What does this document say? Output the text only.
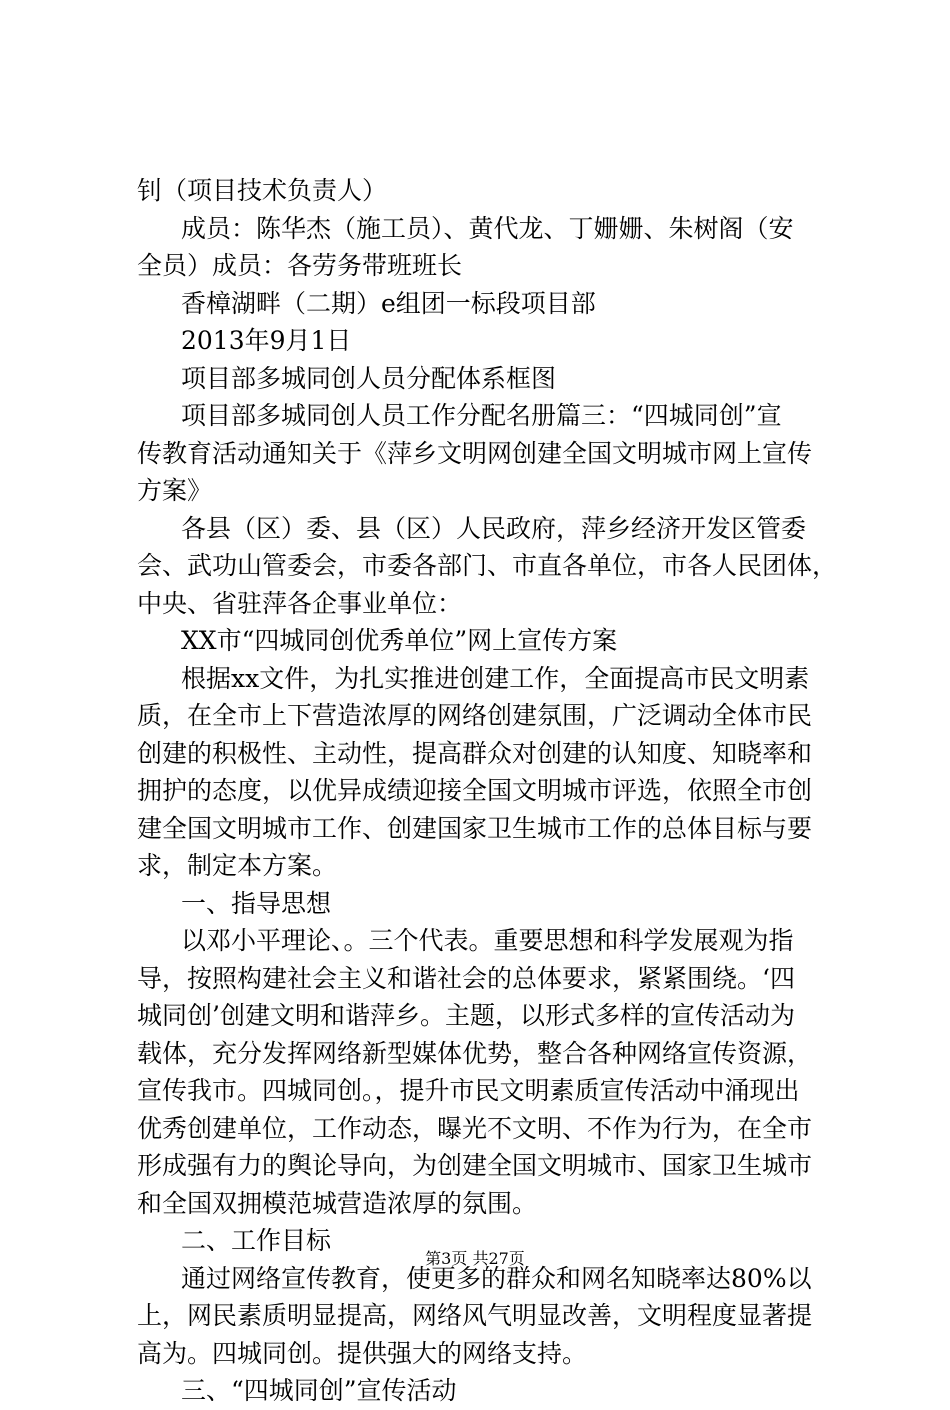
钊（项目技术负责人）

成员：陈华杰（施工员）、黄代龙、丁姗姗、朱树阁（安

全员）成员：各劳务带班班长

香樟湖畔（二期）e组团一标段项目部

2013年9月1日

项目部多城同创人员分配体系框图

项目部多城同创人员工作分配名册篇三：“四城同创”宣

传教育活动通知关于《萍乡文明网创建全国文明城市网上宣传

方案》

各县（区）委、县（区）人民政府，萍乡经济开发区管委

会、武功山管委会，市委各部门、市直各单位，市各人民团体，

中央、省驻萍各企事业单位：

XX市“四城同创优秀单位”网上宣传方案

根据xx文件，为扎实推进创建工作，全面提高市民文明素

质，在全市上下营造浓厚的网络创建氛围，广泛调动全体市民

创建的积极性、主动性，提高群众对创建的认知度、知晓率和

拥护的态度，以优异成绩迎接全国文明城市评选，依照全市创

建全国文明城市工作、创建国家卫生城市工作的总体目标与要

求，制定本方案。

一、指导思想

以邓小平理论、。三个代表。重要思想和科学发展观为指

导，按照构建社会主义和谐社会的总体要求，紧紧围绕。‘四

城同创’创建文明和谐萍乡。主题，以形式多样的宣传活动为

载体，充分发挥网络新型媒体优势，整合各种网络宣传资源，

宣传我市。四城同创。，提升市民文明素质宣传活动中涌现出

优秀创建单位，工作动态，曝光不文明、不作为行为，在全市

形成强有力的舆论导向，为创建全国文明城市、国家卫生城市

和全国双拥模范城营造浓厚的氛围。

二、工作目标

通过网络宣传教育，使更多的群众和网名知晓率达80%以

上，网民素质明显提高，网络风气明显改善，文明程度显著提

高为。四城同创。提供强大的网络支持。

三、“四城同创”宣传活动

第3页 共27页
